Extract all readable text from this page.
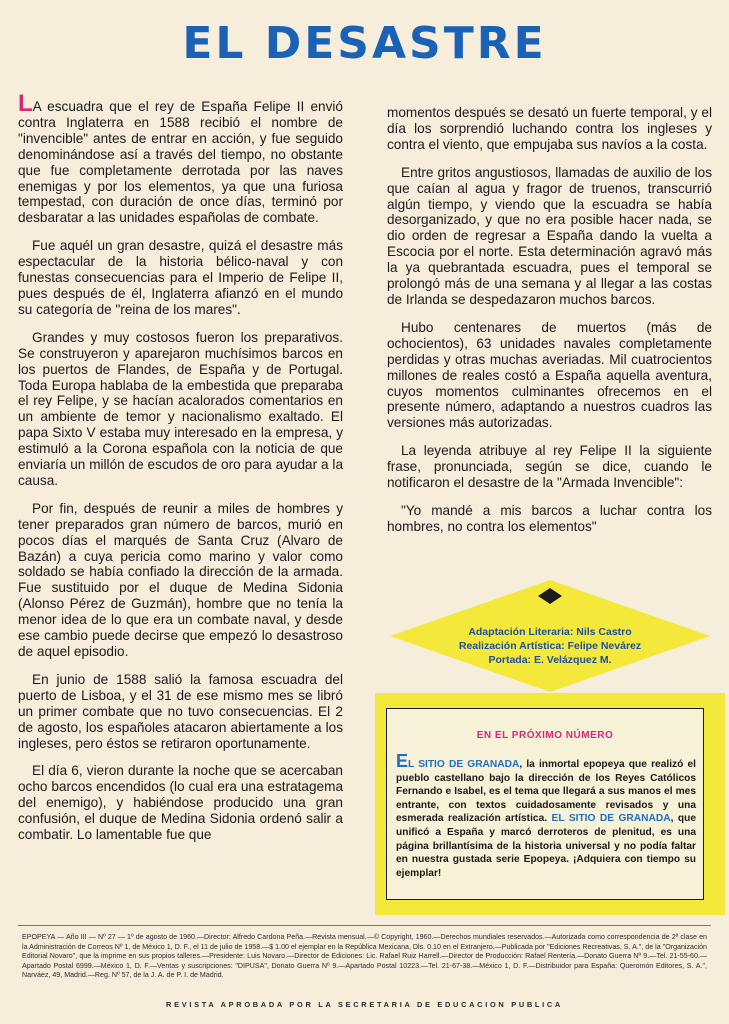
EL DESASTRE

LA escuadra que el rey de España Felipe II envió contra Inglaterra en 1588 recibió el nombre de "invencible" antes de entrar en acción, y fue seguido denominándose así a través del tiempo, no obstante que fue completamente derrotada por las naves enemigas y por los elementos, ya que una furiosa tempestad, con duración de once días, terminó por desbaratar a las unidades españolas de combate.

Fue aquél un gran desastre, quizá el desastre más espectacular de la historia bélico-naval y con funestas consecuencias para el Imperio de Felipe II, pues después de él, Inglaterra afianzó en el mundo su categoría de "reina de los mares".

Grandes y muy costosos fueron los preparativos. Se construyeron y aparejaron muchísimos barcos en los puertos de Flandes, de España y de Portugal. Toda Europa hablaba de la embestida que preparaba el rey Felipe, y se hacían acalorados comentarios en un ambiente de temor y nacionalismo exaltado. El papa Sixto V estaba muy interesado en la empresa, y estimuló a la Corona española con la noticia de que enviaría un millón de escudos de oro para ayudar a la causa.

Por fin, después de reunir a miles de hombres y tener preparados gran número de barcos, murió en pocos días el marqués de Santa Cruz (Alvaro de Bazán) a cuya pericia como marino y valor como soldado se había confiado la dirección de la armada. Fue sustituido por el duque de Medina Sidonia (Alonso Pérez de Guzmán), hombre que no tenía la menor idea de lo que era un combate naval, y desde ese cambio puede decirse que empezó lo desastroso de aquel episodio.

En junio de 1588 salió la famosa escuadra del puerto de Lisboa, y el 31 de ese mismo mes se libró un primer combate que no tuvo consecuencias. El 2 de agosto, los españoles atacaron abiertamente a los ingleses, pero éstos se retiraron oportunamente.

El día 6, vieron durante la noche que se acercaban ocho barcos encendidos (lo cual era una estratagema del enemigo), y habiéndose producido una gran confusión, el duque de Medina Sidonia ordenó salir a combatir. Lo lamentable fue que

momentos después se desató un fuerte temporal, y el día los sorprendió luchando contra los ingleses y contra el viento, que empujaba sus navíos a la costa.

Entre gritos angustiosos, llamadas de auxilio de los que caían al agua y fragor de truenos, transcurrió algún tiempo, y viendo que la escuadra se había desorganizado, y que no era posible hacer nada, se dio orden de regresar a España dando la vuelta a Escocia por el norte. Esta determinación agravó más la ya quebrantada escuadra, pues el temporal se prolongó más de una semana y al llegar a las costas de Irlanda se despedazaron muchos barcos.

Hubo centenares de muertos (más de ochocientos), 63 unidades navales completamente perdidas y otras muchas averiadas. Mil cuatrocientos millones de reales costó a España aquella aventura, cuyos momentos culminantes ofrecemos en el presente número, adaptando a nuestros cuadros las versiones más autorizadas.

La leyenda atribuye al rey Felipe II la siguiente frase, pronunciada, según se dice, cuando le notificaron el desastre de la "Armada Invencible":

"Yo mandé a mis barcos a luchar contra los hombres, no contra los elementos"

Adaptación Literaria: Nils Castro
Realización Artística: Felipe Nevárez
Portada: E. Velázquez M.
EN EL PRÓXIMO NÚMERO
EL SITIO DE GRANADA, la inmortal epopeya que realizó el pueblo castellano bajo la dirección de los Reyes Católicos Fernando e Isabel, es el tema que llegará a sus manos el mes entrante, con textos cuidadosamente revisados y una esmerada realización artística. EL SITIO DE GRANADA, que unificó a España y marcó derroteros de plenitud, es una página brillantísima de la historia universal y no podía faltar en nuestra gustada serie Epopeya. ¡Adquiera con tiempo su ejemplar!
EPOPEYA — Año III — Nº 27 — 1º de agosto de 1960.—Director: Alfredo Cardona Peña.—Revista mensual.—© Copyright, 1960.—Derechos mundiales reservados.—Autorizada como correspondencia de 2ª clase en la Administración de Correos Nº 1, de México 1, D. F., el 11 de julio de 1958.—$ 1.00 el ejemplar en la República Mexicana, Dls. 0.10 en el Extranjero.—Publicada por "Ediciones Recreativas, S. A.", de la "Organización Editorial Novaro", que la imprime en sus propios talleres.—Presidente: Luis Novaro.—Director de Ediciones: Lic. Rafael Ruiz Harrell.—Director de Producción: Rafael Rentería.—Donato Guerra Nº 9.—Tel. 21-55-60.—Apartado Postal 6999.—México 1, D. F.—Ventas y suscripciones: "DIPUSA", Donato Guerra Nº 9.—Apartado Postal 10223.—Tel. 21-67-38.—México 1, D. F.—Distribuidor para España: Queromón Editores, S. A.", Narváez, 49, Madrid.—Reg. Nº 57, de la J. A. de P. I. de Madrid.
REVISTA APROBADA POR LA SECRETARIA DE EDUCACION PUBLICA
